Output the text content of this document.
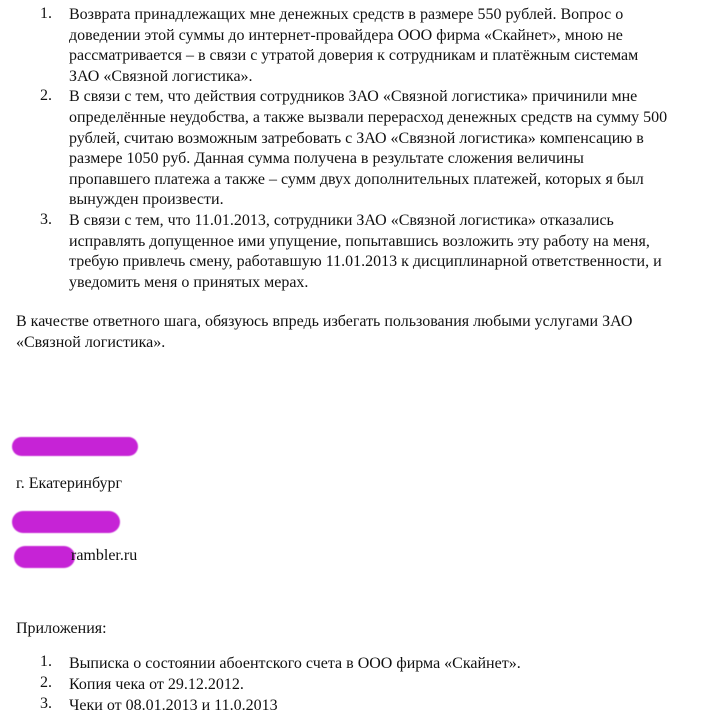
1. Возврата принадлежащих мне денежных средств в размере 550 рублей. Вопрос о доведении этой суммы до интернет-провайдера ООО фирма «Скайнет», мною не рассматривается – в связи с утратой доверия к сотрудникам и платёжным системам ЗАО «Связной логистика».
2. В связи с тем, что действия сотрудников ЗАО «Связной логистика» причинили мне определённые неудобства, а также вызвали перерасход денежных средств на сумму 500 рублей, считаю возможным затребовать с ЗАО «Связной логистика» компенсацию в размере 1050 руб. Данная сумма получена в результате сложения величины пропавшего платежа а также – сумм двух дополнительных платежей, которых я был вынужден произвести.
3. В связи с тем, что 11.01.2013, сотрудники ЗАО «Связной логистика» отказались исправлять допущенное ими упущение, попытавшись возложить эту работу на меня, требую привлечь смену, работавшую 11.01.2013 к дисциплинарной ответственности, и уведомить меня о принятых мерах.

В качестве ответного шага, обязуюсь впредь избегать пользования любыми услугами ЗАО «Связной логистика».

г. Екатеринбург

rambler.ru

Приложения:

1. Выписка о состоянии абоентского счета в ООО фирма «Скайнет».
2. Копия чека от 29.12.2012.
3. Чеки от 08.01.2013 и 11.0.2013
